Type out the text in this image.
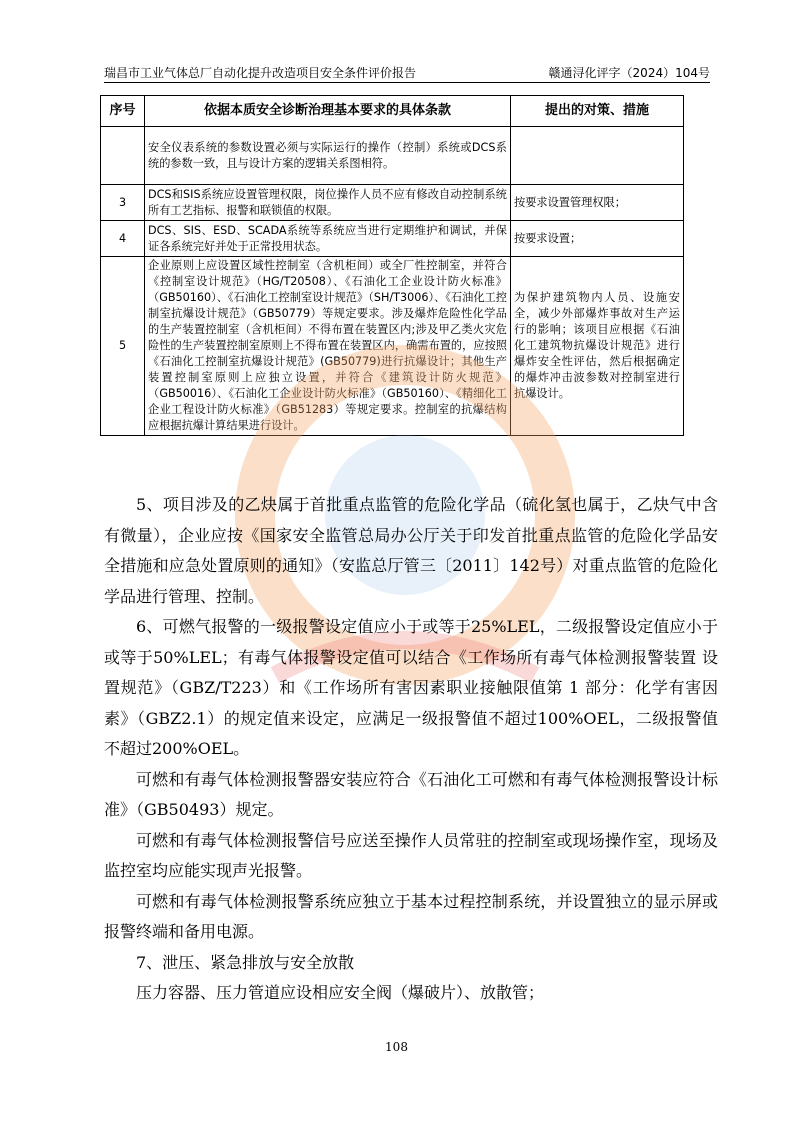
瑞昌市工业气体总厂自动化提升改造项目安全条件评价报告	赣通浔化评字（2024）104号
序号	依据本质安全诊断治理基本要求的具体条款	提出的对策、措施
	安全仪表系统的参数设置必须与实际运行的操作（控制）系统或DCS系统的参数一致，且与设计方案的逻辑关系图相符。	
3	DCS和SIS系统应设置管理权限，岗位操作人员不应有修改自动控制系统所有工艺指标、报警和联锁值的权限。	按要求设置管理权限；
4	DCS、SIS、ESD、SCADA系统等系统应当进行定期维护和调试，并保证各系统完好并处于正常投用状态。	按要求设置；
5	企业原则上应设置区域性控制室（含机柜间）或全厂性控制室，并符合《控制室设计规范》（HG/T20508）、《石油化工企业设计防火标准》（GB50160）、《石油化工控制室设计规范》（SH/T3006）、《石油化工控制室抗爆设计规范》（GB50779）等规定要求。涉及爆炸危险性化学品的生产装置控制室（含机柜间）不得布置在装置区内;涉及甲乙类火灾危险性的生产装置控制室原则上不得布置在装置区内，确需布置的，应按照《石油化工控制室抗爆设计规范》(GB50779)进行抗爆设计；其他生产装置控制室原则上应独立设置，并符合《建筑设计防火规范》（GB50016）、《石油化工企业设计防火标准》（GB50160）、《精细化工企业工程设计防火标准》（GB51283）等规定要求。控制室的抗爆结构应根据抗爆计算结果进行设计。	为保护建筑物内人员、设施安全，减少外部爆炸事故对生产运行的影响；该项目应根据《石油化工建筑物抗爆设计规范》进行爆炸安全性评估，然后根据确定的爆炸冲击波参数对控制室进行抗爆设计。

5、项目涉及的乙炔属于首批重点监管的危险化学品（硫化氢也属于，乙炔气中含有微量），企业应按《国家安全监管总局办公厅关于印发首批重点监管的危险化学品安全措施和应急处置原则的通知》（安监总厅管三〔2011〕142号）对重点监管的危险化学品进行管理、控制。

6、可燃气报警的一级报警设定值应小于或等于25%LEL，二级报警设定值应小于或等于50%LEL；有毒气体报警设定值可以结合《工作场所有毒气体检测报警装置 设置规范》（GBZ/T223）和《工作场所有害因素职业接触限值第 1 部分：化学有害因素》（GBZ2.1）的规定值来设定，应满足一级报警值不超过100%OEL，二级报警值不超过200%OEL。

可燃和有毒气体检测报警器安装应符合《石油化工可燃和有毒气体检测报警设计标准》（GB50493）规定。

可燃和有毒气体检测报警信号应送至操作人员常驻的控制室或现场操作室，现场及监控室均应能实现声光报警。

可燃和有毒气体检测报警系统应独立于基本过程控制系统，并设置独立的显示屏或报警终端和备用电源。

7、泄压、紧急排放与安全放散

压力容器、压力管道应设相应安全阀（爆破片）、放散管；

108
